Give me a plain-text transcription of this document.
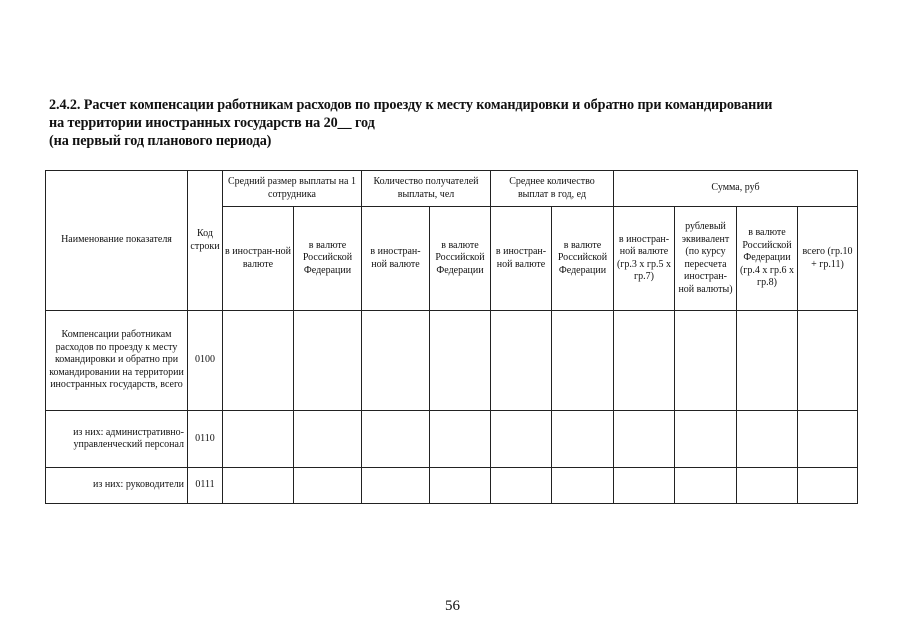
2.4.2. Расчет компенсации работникам расходов по проезду к месту командировки и обратно при командировании
на территории иностранных государств на 20__ год
(на первый год планового периода)
Наименование показателя	Код строки	Средний размер выплаты на 1 сотрудника		Количество получателей выплаты, чел		Среднее количество выплат в год, ед		Сумма, руб			
		в иностран-ной валюте	в валюте Российской Федерации	в иностран-ной валюте	в валюте Российской Федерации	в иностран-ной валюте	в валюте Российской Федерации	в иностран-ной валюте (гр.3 х гр.5 х гр.7)	рублевый эквивалент (по курсу пересчета иностран-ной валюты)	в валюте Российской Федерации (гр.4 х гр.6 х гр.8)	всего (гр.10 + гр.11)
Компенсации работникам расходов по проезду к месту командировки и обратно при командировании на территории иностранных государств, всего	0100										
из них: административно-управленческий персонал	0110										
из них: руководители	0111										
56
